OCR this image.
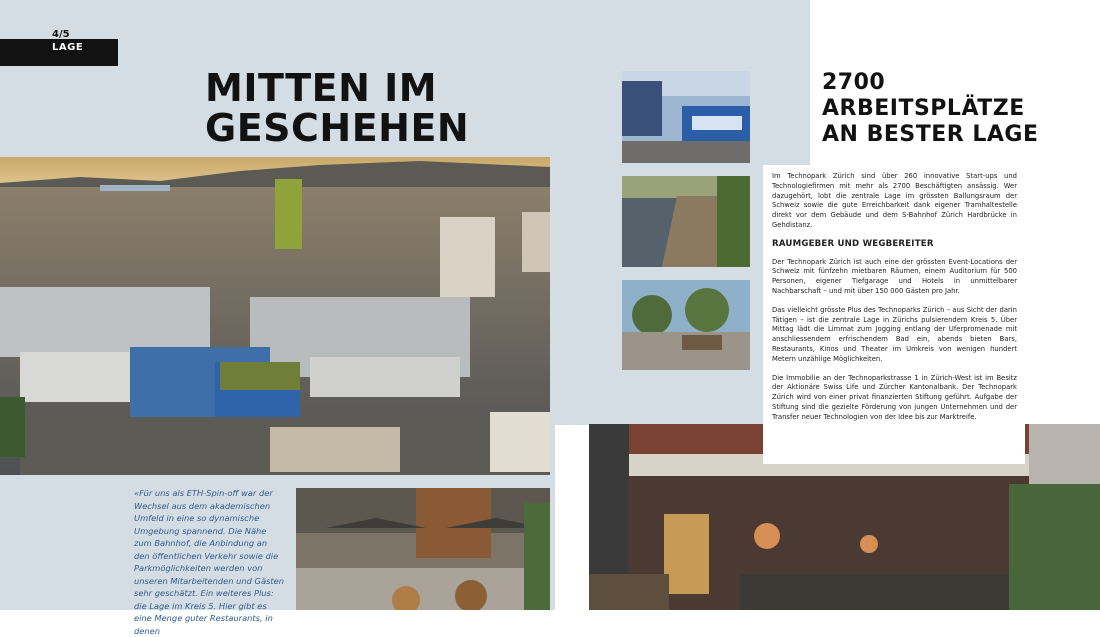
4/5
LAGE
MITTEN IM
GESCHEHEN

«Für uns als ETH-Spin-off war der Wechsel aus dem akademischen Umfeld in eine so dynamische Umgebung spannend. Die Nähe zum Bahnhof, die Anbindung an den öffentlichen Verkehr sowie die Parkmöglichkeiten werden von unseren Mitarbeitenden und Gästen sehr geschätzt. Ein weiteres Plus: die Lage im Kreis 5. Hier gibt es eine Menge guter Restaurants, in denen

2700
ARBEITSPLÄTZE
AN BESTER LAGE

Im Technopark Zürich sind über 260 innovative Start-ups und Technologiefirmen mit mehr als 2700 Beschäftigten ansässig. Wer dazugehört, lobt die zentrale Lage im grössten Ballungsraum der Schweiz sowie die gute Erreichbarkeit dank eigener Tramhaltestelle direkt vor dem Gebäude und dem S-Bahnhof Zürich Hardbrücke in Gehdistanz.

RAUMGEBER UND WEGBEREITER

Der Technopark Zürich ist auch eine der grössten Event-Locations der Schweiz mit fünfzehn mietbaren Räumen, einem Auditorium für 500 Personen, eigener Tiefgarage und Hotels in unmittelbarer Nachbarschaft – und mit über 150 000 Gästen pro Jahr.

Das vielleicht grösste Plus des Technoparks Zürich – aus Sicht der darin Tätigen – ist die zentrale Lage in Zürichs pulsierendem Kreis 5. Über Mittag lädt die Limmat zum Jogging entlang der Uferpromenade mit anschliessendem erfrischendem Bad ein, abends bieten Bars, Restaurants, Kinos und Theater im Umkreis von wenigen hundert Metern unzählige Möglichkeiten.

Die Immobilie an der Technoparkstrasse 1 in Zürich-West ist im Besitz der Aktionäre Swiss Life und Zürcher Kantonalbank. Der Technopark Zürich wird von einer privat finanzierten Stiftung geführt. Aufgabe der Stiftung sind die gezielte Förderung von jungen Unternehmen und der Transfer neuer Technologien von der Idee bis zur Marktreife.
